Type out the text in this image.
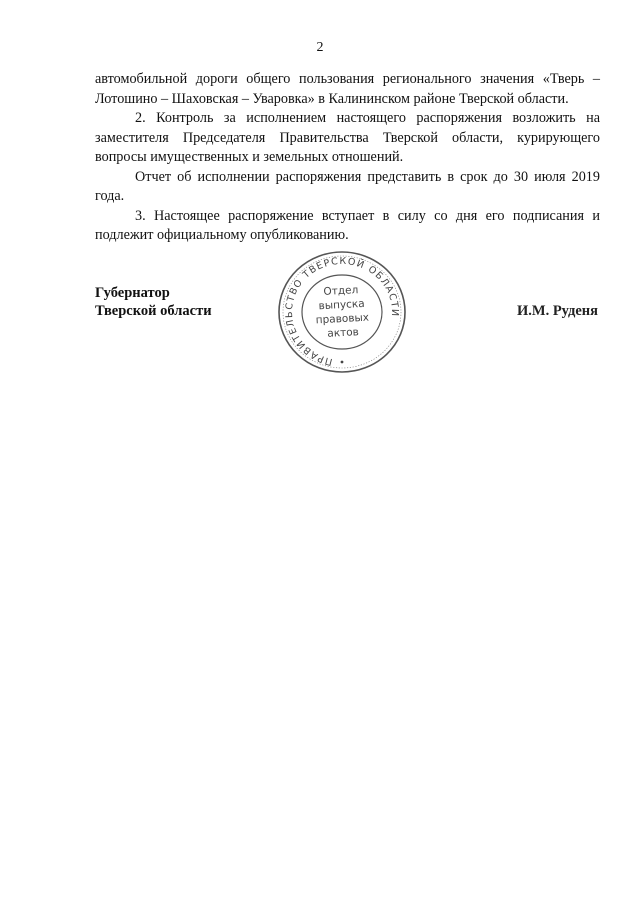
2

автомобильной дороги общего пользования регионального значения «Тверь – Лотошино – Шаховская – Уваровка» в Калининском районе Тверской области.

2. Контроль за исполнением настоящего распоряжения возложить на заместителя Председателя Правительства Тверской области, курирующего вопросы имущественных и земельных отношений.

Отчет об исполнении распоряжения представить в срок до 30 июля 2019 года.

3. Настоящее распоряжение вступает в силу со дня его подписания и подлежит официальному опубликованию.

Губернатор
Тверской области
ПРАВИТЕЛЬСТВО ТВЕРСКОЙ ОБЛАСТИ
Отдел
выпуска
правовых
актов
И.М. Руденя
